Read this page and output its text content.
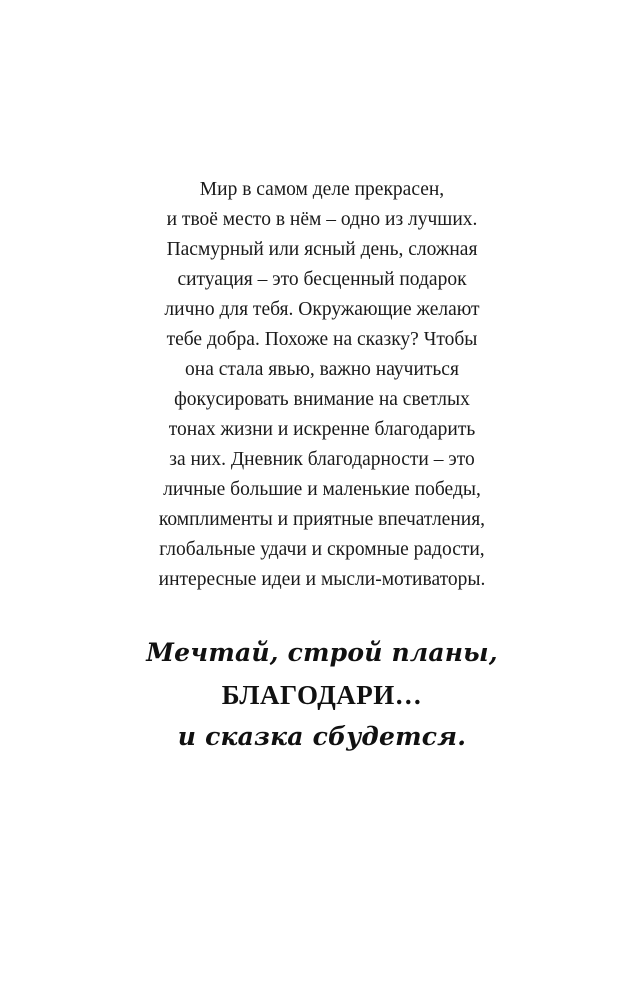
Мир в самом деле прекрасен,
и твоё место в нём – одно из лучших.
Пасмурный или ясный день, сложная
ситуация – это бесценный подарок
лично для тебя. Окружающие желают
тебе добра. Похоже на сказку? Чтобы
она стала явью, важно научиться
фокусировать внимание на светлых
тонах жизни и искренне благодарить
за них. Дневник благодарности – это
личные большие и маленькие победы,
комплименты и приятные впечатления,
глобальные удачи и скромные радости,
интересные идеи и мысли-мотиваторы.
Мечтай, строй планы,
БЛАГОДАРИ…
и сказка сбудется.
